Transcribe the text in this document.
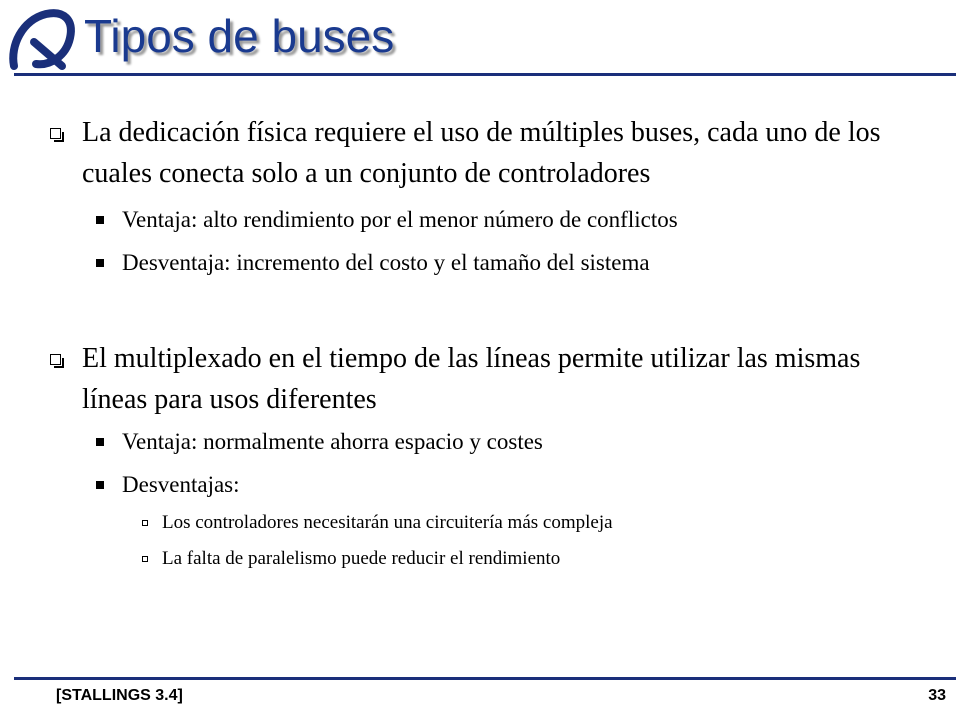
Tipos de buses
La dedicación física requiere el uso de múltiples buses, cada uno de los cuales conecta solo a un conjunto de controladores
Ventaja: alto rendimiento por el menor número de conflictos
Desventaja: incremento del costo y el tamaño del sistema
El multiplexado en el tiempo de las líneas permite utilizar las mismas líneas para usos diferentes
Ventaja: normalmente ahorra espacio y costes
Desventajas:
Los controladores necesitarán una circuitería más compleja
La falta de paralelismo puede reducir el rendimiento
[STALLINGS 3.4]	33
